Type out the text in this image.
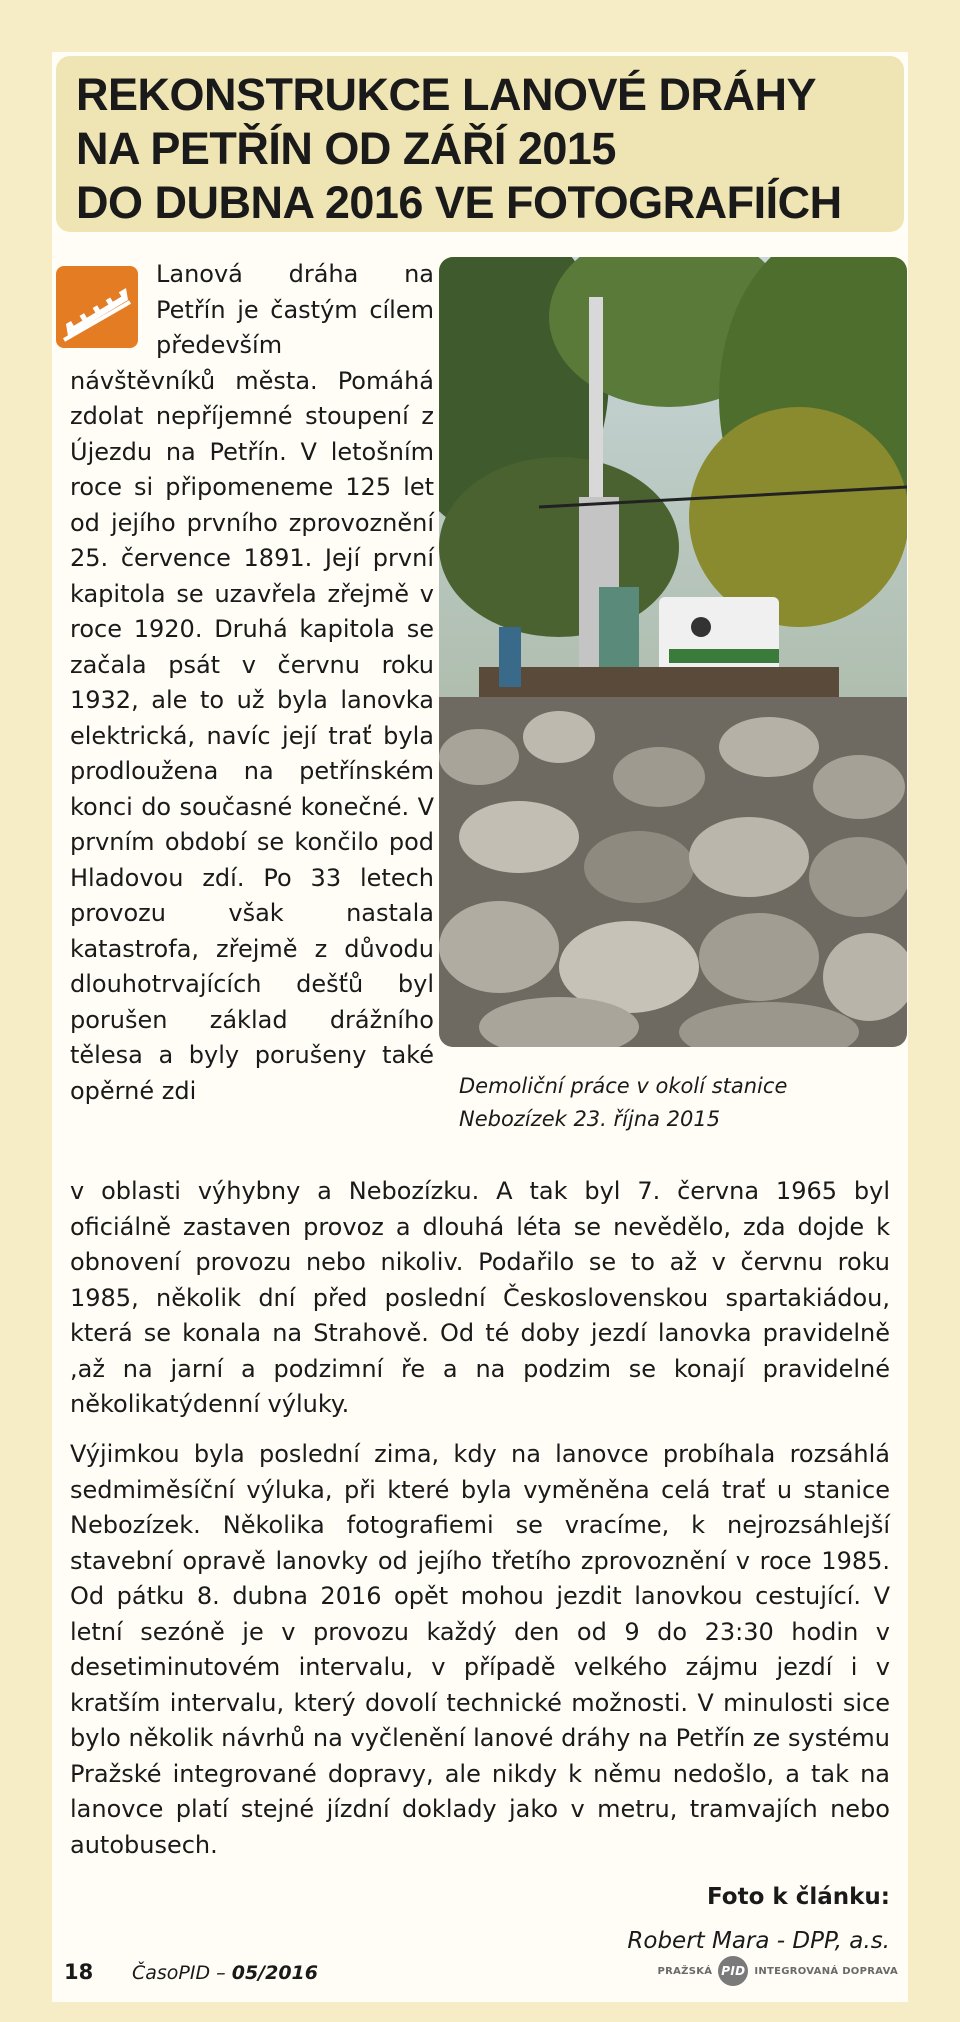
REKONSTRUKCE LANOVÉ DRÁHY
NA PETŘÍN OD ZÁŘÍ 2015
DO DUBNA 2016 VE FOTOGRAFIÍCH

Demoliční práce v okolí stanice Nebozízek 23. října 2015

Lanová dráha na Petřín je častým cílem především návštěvníků města. Pomáhá zdolat nepříjemné stoupení z Újezdu na Petřín. V letošním roce si připomeneme 125 let od jejího prvního zprovoznění 25. července 1891. Její první kapitola se uzavřela zřejmě v roce 1920. Druhá kapitola se začala psát v červnu roku 1932, ale to už byla lanovka elektrická, navíc její trať byla prodloužena na petřínském konci do současné konečné. V prvním období se končilo pod Hladovou zdí. Po 33 letech provozu však nastala katastrofa, zřejmě z důvodu dlouhotrvajících dešťů byl porušen základ drážního tělesa a byly porušeny také opěrné zdi

v oblasti výhybny a Nebozízku. A tak byl 7. června 1965 byl oficiálně zastaven provoz a dlouhá léta se nevědělo, zda dojde k obnovení provozu nebo nikoliv. Podařilo se to až v červnu roku 1985, několik dní před poslední Československou spartakiádou, která se konala na Strahově. Od té doby jezdí lanovka pravidelně ,až na jarní a podzimní ře a na podzim se konají pravidelné několikatýdenní výluky.

Výjimkou byla poslední zima, kdy na lanovce probíhala rozsáhlá sedmiměsíční výluka, při které byla vyměněna celá trať u stanice Nebozízek. Několika fotografiemi se vracíme, k nejrozsáhlejší stavební opravě lanovky od jejího třetího zprovoznění v roce 1985. Od pátku 8. dubna 2016 opět mohou jezdit lanovkou cestující. V letní sezóně je v provozu každý den od 9 do 23:30 hodin v desetiminutovém intervalu, v případě velkého zájmu jezdí i v kratším intervalu, který dovolí technické možnosti. V minulosti sice bylo několik návrhů na vyčlenění lanové dráhy na Petřín ze systému Pražské integrované dopravy, ale nikdy k němu nedošlo, a tak na lanovce platí stejné jízdní doklady jako v metru, tramvajích nebo autobusech.

Foto k článku:

Robert Mara - DPP, a.s.

18 ČasoPID – 05/2016	PRAŽSKÁ PID INTEGROVANÁ DOPRAVA
